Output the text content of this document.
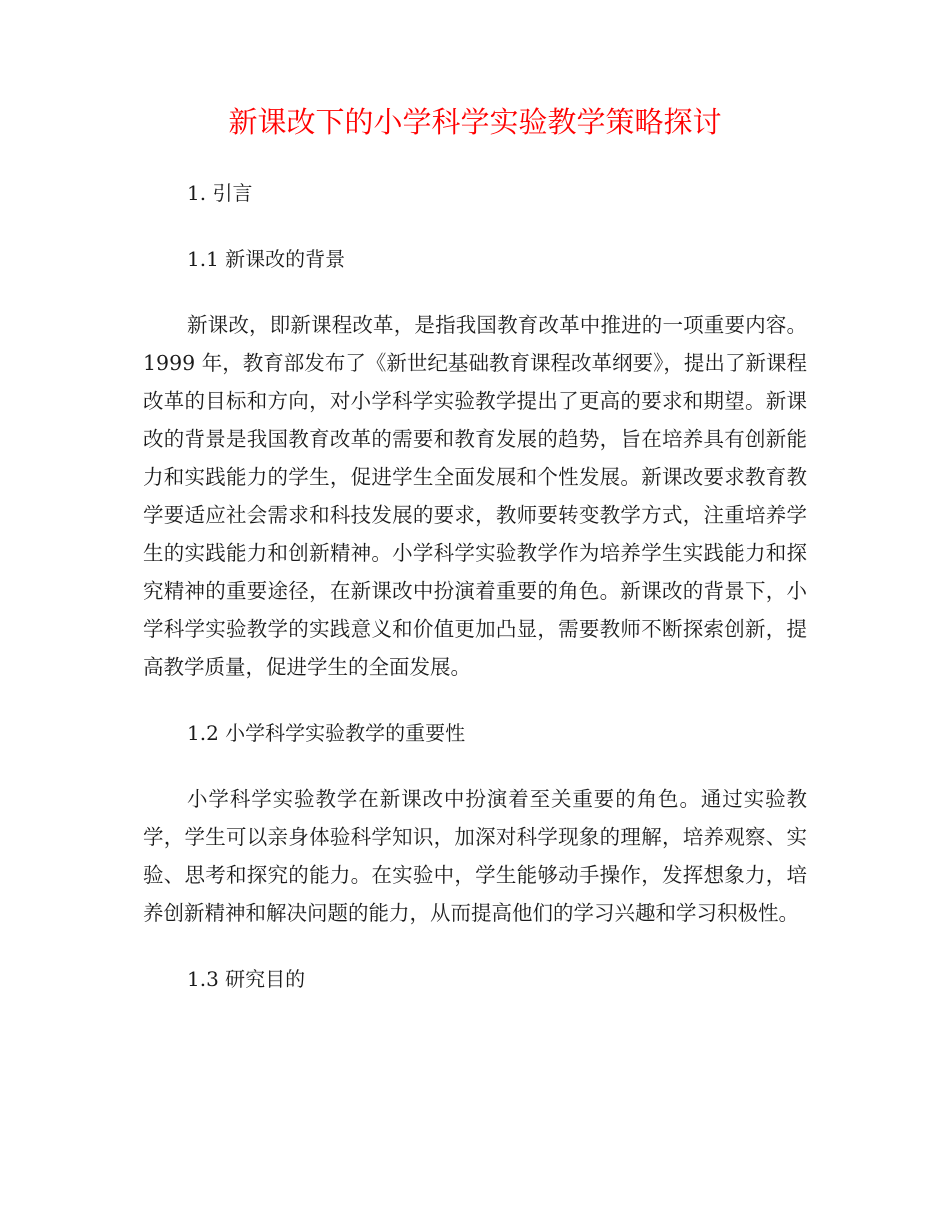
新课改下的小学科学实验教学策略探讨

1. 引言

1.1 新课改的背景

新课改，即新课程改革，是指我国教育改革中推进的一项重要内容。1999 年，教育部发布了《新世纪基础教育课程改革纲要》，提出了新课程改革的目标和方向，对小学科学实验教学提出了更高的要求和期望。新课改的背景是我国教育改革的需要和教育发展的趋势，旨在培养具有创新能力和实践能力的学生，促进学生全面发展和个性发展。新课改要求教育教学要适应社会需求和科技发展的要求，教师要转变教学方式，注重培养学生的实践能力和创新精神。小学科学实验教学作为培养学生实践能力和探究精神的重要途径，在新课改中扮演着重要的角色。新课改的背景下，小学科学实验教学的实践意义和价值更加凸显，需要教师不断探索创新，提高教学质量，促进学生的全面发展。

1.2 小学科学实验教学的重要性

小学科学实验教学在新课改中扮演着至关重要的角色。通过实验教学，学生可以亲身体验科学知识，加深对科学现象的理解，培养观察、实验、思考和探究的能力。在实验中，学生能够动手操作，发挥想象力，培养创新精神和解决问题的能力，从而提高他们的学习兴趣和学习积极性。

1.3 研究目的
